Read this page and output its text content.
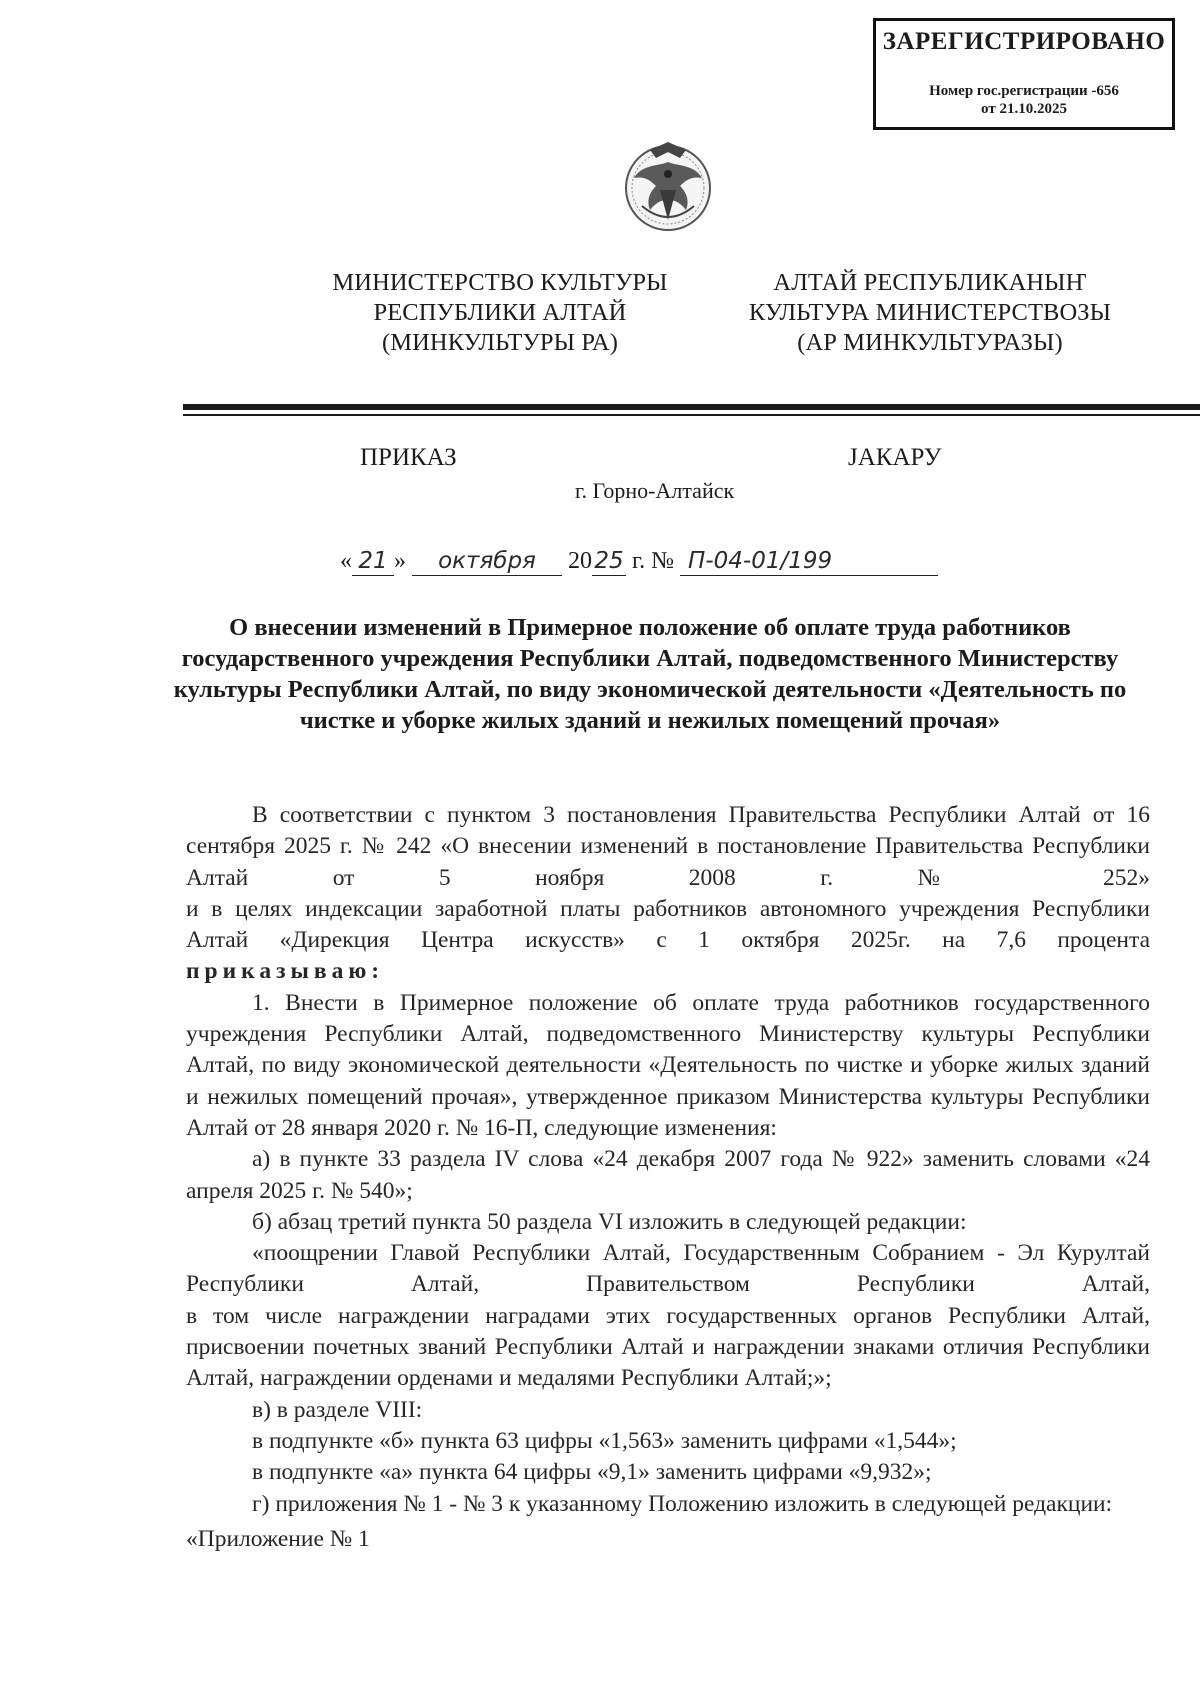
ЗАРЕГИСТРИРОВАНО
Номер гос.регистрации -656
от 21.10.2025
МИНИСТЕРСТВО КУЛЬТУРЫ
РЕСПУБЛИКИ АЛТАЙ
(МИНКУЛЬТУРЫ РА)
АЛТАЙ РЕСПУБЛИКАНЫҤ
КУЛЬТУРА МИНИСТЕРСТВОЗЫ
(АР МИНКУЛЬТУРАЗЫ)
ПРИКАЗ	JАКАРУ
г. Горно-Алтайск
« 21 » октября 20 25 г. № П-04-01/199
О внесении изменений в Примерное положение об оплате труда работников
государственного учреждения Республики Алтай, подведомственного Министерству
культуры Республики Алтай, по виду экономической деятельности «Деятельность по
чистке и уборке жилых зданий и нежилых помещений прочая»

В соответствии с пунктом 3 постановления Правительства Республики Алтай от 16 сентября 2025 г. № 242 «О внесении изменений в постановление Правительства Республики Алтай от 5 ноября 2008 г. № 252»

и в целях индексации заработной платы работников автономного учреждения Республики Алтай «Дирекция Центра искусств» с 1 октября 2025г. на 7,6 процента

приказываю:

1. Внести в Примерное положение об оплате труда работников государственного учреждения Республики Алтай, подведомственного Министерству культуры Республики Алтай, по виду экономической деятельности «Деятельность по чистке и уборке жилых зданий и нежилых помещений прочая», утвержденное приказом Министерства культуры Республики Алтай от 28 января 2020 г. № 16-П, следующие изменения:

а) в пункте 33 раздела IV слова «24 декабря 2007 года № 922» заменить словами «24 апреля 2025 г. № 540»;

б) абзац третий пункта 50 раздела VI изложить в следующей редакции:

«поощрении Главой Республики Алтай, Государственным Собранием - Эл Курултай Республики Алтай, Правительством Республики Алтай,

в том числе награждении наградами этих государственных органов Республики Алтай, присвоении почетных званий Республики Алтай и награждении знаками отличия Республики Алтай, награждении орденами и медалями Республики Алтай;»;

в) в разделе VIII:

в подпункте «б» пункта 63 цифры «1,563» заменить цифрами «1,544»;

в подпункте «а» пункта 64 цифры «9,1» заменить цифрами «9,932»;

г) приложения № 1 - № 3 к указанному Положению изложить в следующей редакции:

«Приложение № 1
